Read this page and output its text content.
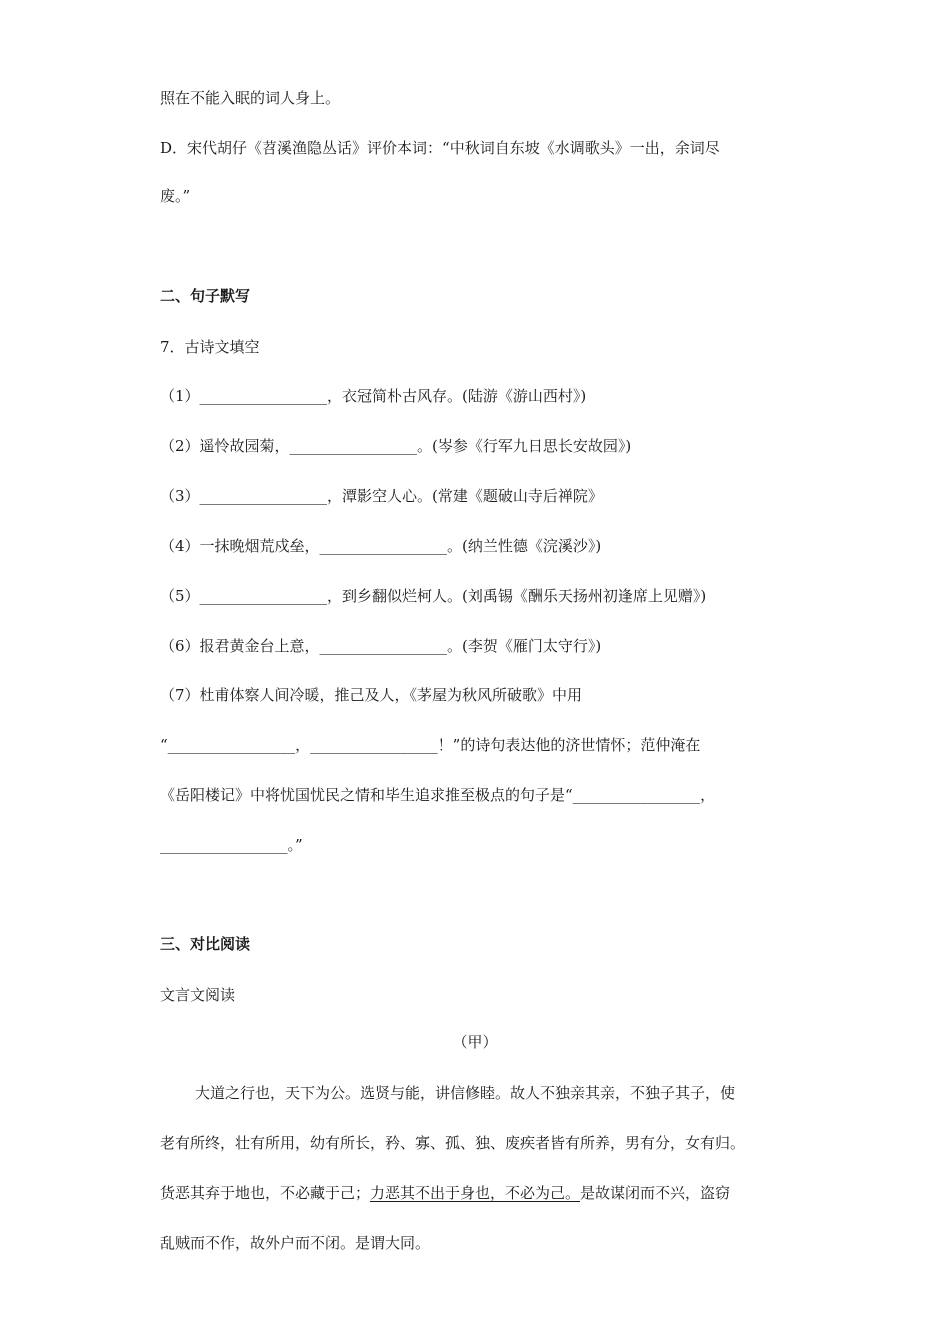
照在不能入眠的词人身上。
D．宋代胡仔《苕溪渔隐丛话》评价本词：“中秋词自东坡《水调歌头》一出，余词尽
废。”
二、句子默写
7．古诗文填空
（1）_________________，衣冠简朴古风存。(陆游《游山西村》)
（2）遥怜故园菊，_________________。(岑参《行军九日思长安故园》)
（3）_________________，潭影空人心。(常建《题破山寺后禅院》
（4）一抹晚烟荒戍垒，_________________。(纳兰性德《浣溪沙》)
（5）_________________，到乡翻似烂柯人。(刘禹锡《酬乐天扬州初逢席上见赠》)
（6）报君黄金台上意，_________________。(李贺《雁门太守行》)
（7）杜甫体察人间冷暖，推己及人，《茅屋为秋风所破歌》中用
“_________________，_________________！”的诗句表达他的济世情怀；范仲淹在
《岳阳楼记》中将忧国忧民之情和毕生追求推至极点的句子是“_________________，
_________________。”
三、对比阅读
文言文阅读
（甲）
大道之行也，天下为公。选贤与能，讲信修睦。故人不独亲其亲，不独子其子，使
老有所终，壮有所用，幼有所长，矜、寡、孤、独、废疾者皆有所养，男有分，女有归。
货恶其弃于地也，不必藏于己；力恶其不出于身也，不必为己。是故谋闭而不兴，盗窃
乱贼而不作，故外户而不闭。是谓大同。
